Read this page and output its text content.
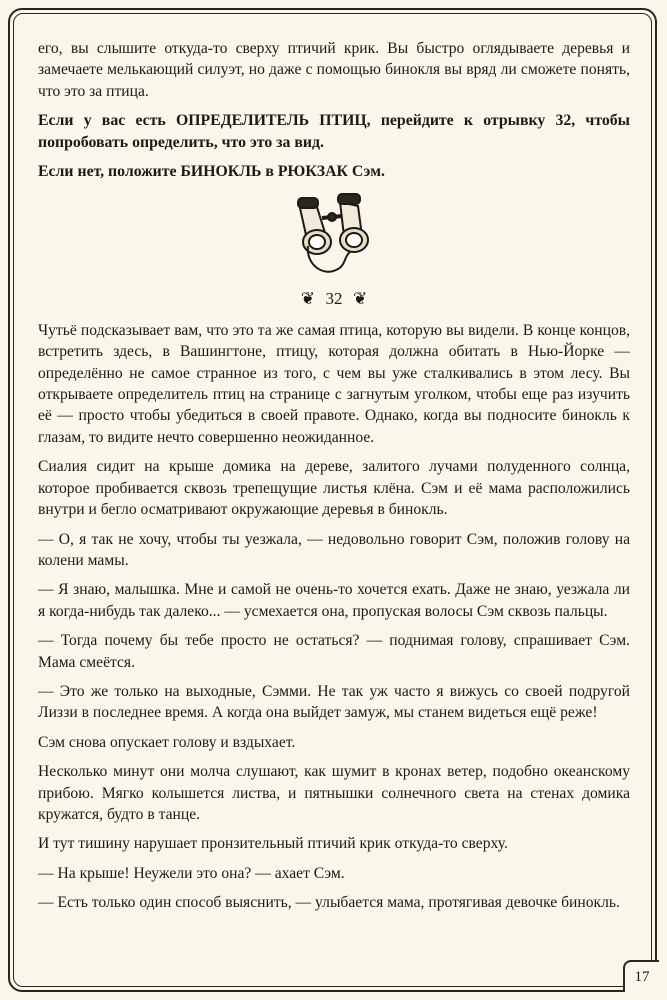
его, вы слышите откуда-то сверху птичий крик. Вы быстро оглядываете деревья и замечаете мелькающий силуэт, но даже с помощью бинокля вы вряд ли сможете понять, что это за птица.

Если у вас есть ОПРЕДЕЛИТЕЛЬ ПТИЦ, перейдите к отрывку 32, чтобы попробовать определить, что это за вид.

Если нет, положите БИНОКЛЬ в РЮКЗАК Сэм.

❦ 32 ❦

Чутьё подсказывает вам, что это та же самая птица, которую вы видели. В конце концов, встретить здесь, в Вашингтоне, птицу, которая должна обитать в Нью-Йорке — определённо не самое странное из того, с чем вы уже сталкивались в этом лесу. Вы открываете определитель птиц на странице с загнутым уголком, чтобы еще раз изучить её — просто чтобы убедиться в своей правоте. Однако, когда вы подносите бинокль к глазам, то видите нечто совершенно неожиданное.

Сиалия сидит на крыше домика на дереве, залитого лучами полуденного солнца, которое пробивается сквозь трепещущие листья клёна. Сэм и её мама расположились внутри и бегло осматривают окружающие деревья в бинокль.

— О, я так не хочу, чтобы ты уезжала, — недовольно говорит Сэм, положив голову на колени мамы.

— Я знаю, малышка. Мне и самой не очень-то хочется ехать. Даже не знаю, уезжала ли я когда-нибудь так далеко... — усмехается она, пропуская волосы Сэм сквозь пальцы.

— Тогда почему бы тебе просто не остаться? — поднимая голову, спрашивает Сэм. Мама смеётся.

— Это же только на выходные, Сэмми. Не так уж часто я вижусь со своей подругой Лиззи в последнее время. А когда она выйдет замуж, мы станем видеться ещё реже!

Сэм снова опускает голову и вздыхает.

Несколько минут они молча слушают, как шумит в кронах ветер, подобно океанскому прибою. Мягко колышется листва, и пятнышки солнечного света на стенах домика кружатся, будто в танце.

И тут тишину нарушает пронзительный птичий крик откуда-то сверху.

— На крыше! Неужели это она? — ахает Сэм.

— Есть только один способ выяснить, — улыбается мама, протягивая девочке бинокль.

17
